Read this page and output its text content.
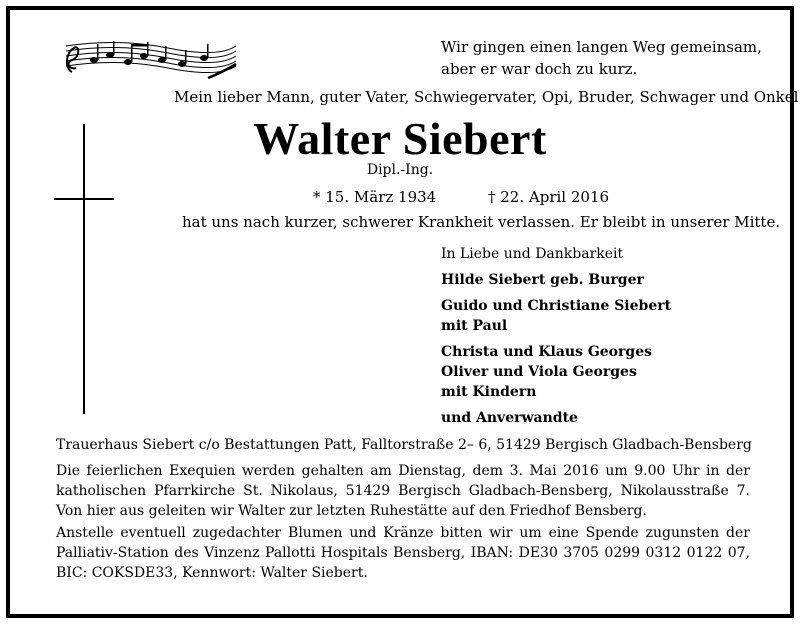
Wir gingen einen langen Weg gemeinsam,
aber er war doch zu kurz.
Mein lieber Mann, guter Vater, Schwiegervater, Opi, Bruder, Schwager und Onkel
Walter Siebert
Dipl.-Ing.
* 15. März 1934	† 22. April 2016
hat uns nach kurzer, schwerer Krankheit verlassen. Er bleibt in unserer Mitte.
In Liebe und Dankbarkeit
Hilde Siebert geb. Burger
Guido und Christiane Siebert
mit Paul
Christa und Klaus Georges
Oliver und Viola Georges
mit Kindern
und Anverwandte
Trauerhaus Siebert c/o Bestattungen Patt, Falltorstraße 2– 6, 51429 Bergisch Gladbach-Bensberg
Die feierlichen Exequien werden gehalten am Dienstag, dem 3. Mai 2016 um 9.00 Uhr in der
katholischen Pfarrkirche St. Nikolaus, 51429 Bergisch Gladbach-Bensberg, Nikolausstraße 7.
Von hier aus geleiten wir Walter zur letzten Ruhestätte auf den Friedhof Bensberg.
Anstelle eventuell zugedachter Blumen und Kränze bitten wir um eine Spende zugunsten der
Palliativ-Station des Vinzenz Pallotti Hospitals Bensberg, IBAN: DE30 3705 0299 0312 0122 07,
BIC: COKSDE33, Kennwort: Walter Siebert.
